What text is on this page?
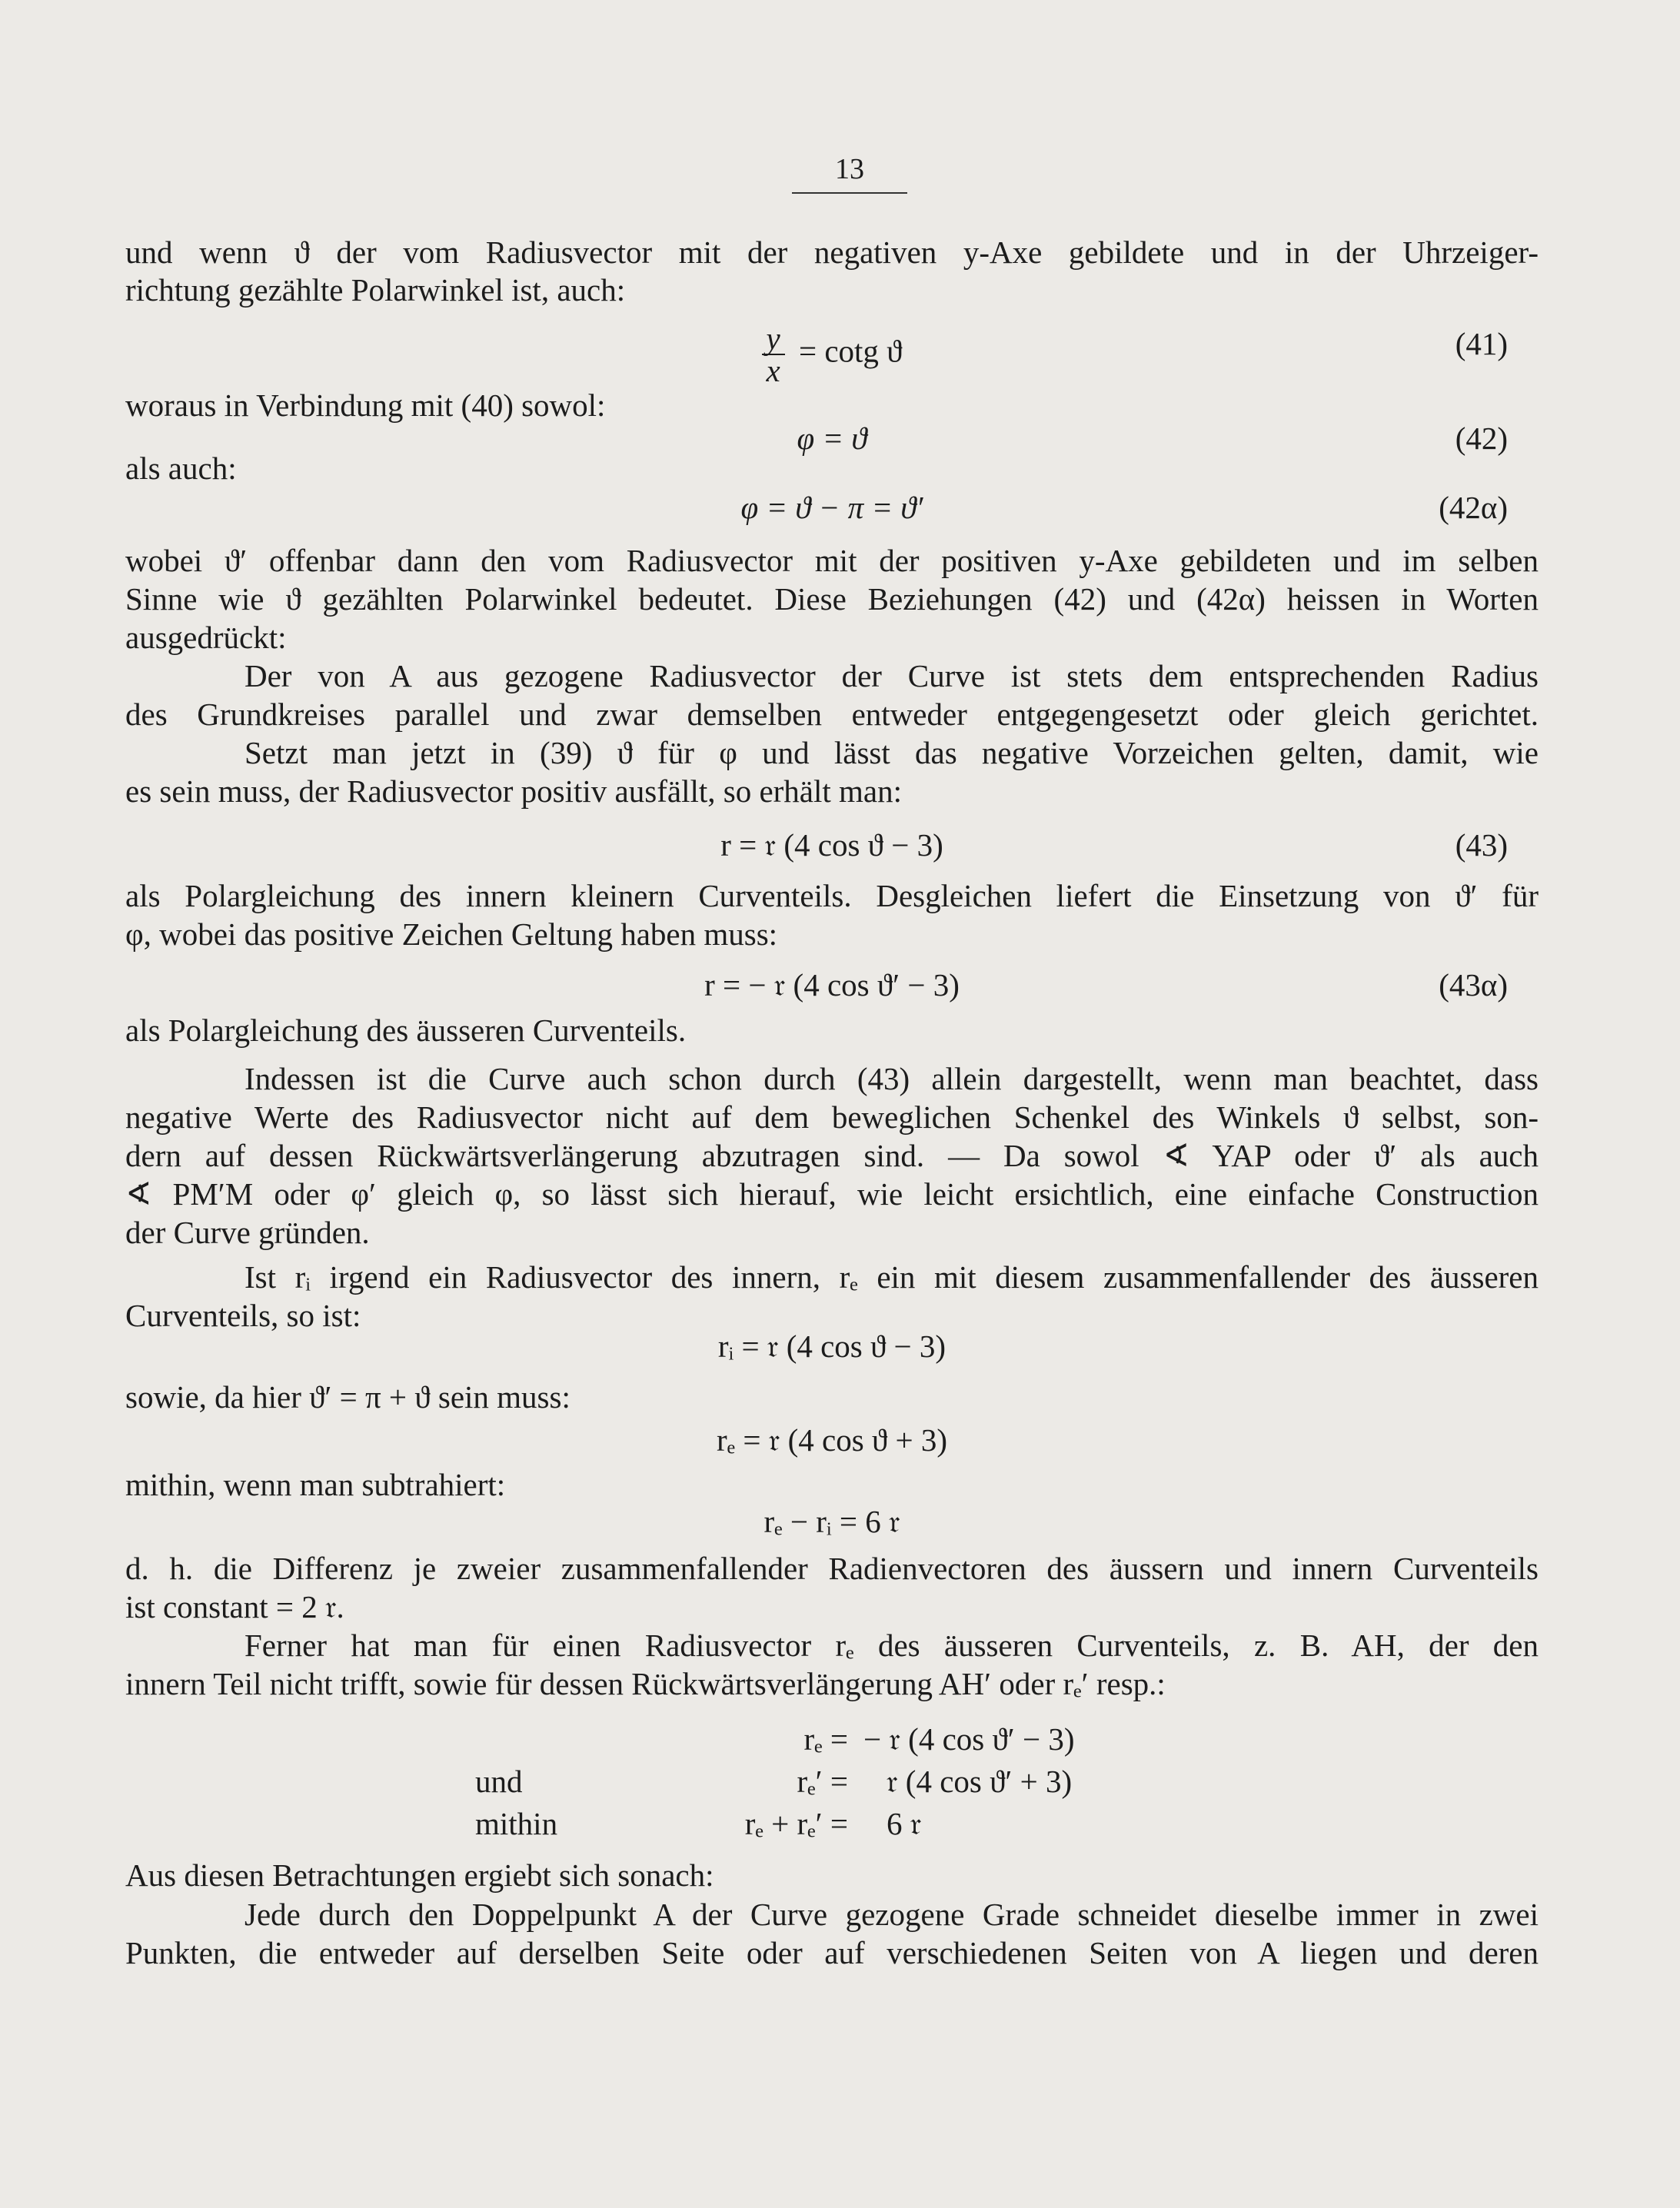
13
und wenn ϑ der vom Radiusvector mit der negativen y-Axe gebildete und in der Uhrzeiger-
richtung gezählte Polarwinkel ist, auch:
$\frac{y}{x} = \cot g$ ϑ	(41)
woraus in Verbindung mit (40) sowol:
φ = ϑ	(42)
als auch:
φ = ϑ − π = ϑ′	(42α)
wobei ϑ′ offenbar dann den vom Radiusvector mit der positiven y-Axe gebildeten und im selben
Sinne wie ϑ gezählten Polarwinkel bedeutet. Diese Beziehungen (42) und (42α) heissen in Worten
ausgedrückt:
Der von A aus gezogene Radiusvector der Curve ist stets dem entsprechenden Radius
des Grundkreises parallel und zwar demselben entweder entgegengesetzt oder gleich gerichtet.
Setzt man jetzt in (39) ϑ für φ und lässt das negative Vorzeichen gelten, damit, wie
es sein muss, der Radiusvector positiv ausfällt, so erhält man:
r = 𝔯 (4 cos ϑ − 3)	(43)
als Polargleichung des innern kleinern Curventeils. Desgleichen liefert die Einsetzung von ϑ′ für
φ, wobei das positive Zeichen Geltung haben muss:
r = − 𝔯 (4 cos ϑ′ − 3)	(43α)
als Polargleichung des äusseren Curventeils.
Indessen ist die Curve auch schon durch (43) allein dargestellt, wenn man beachtet, dass
negative Werte des Radiusvector nicht auf dem beweglichen Schenkel des Winkels ϑ selbst, son-
dern auf dessen Rückwärtsverlängerung abzutragen sind. — Da sowol ∢ YAP oder ϑ′ als auch
∢ PM′M oder φ′ gleich φ, so lässt sich hierauf, wie leicht ersichtlich, eine einfache Construction
der Curve gründen.
Ist rᵢ irgend ein Radiusvector des innern, rₑ ein mit diesem zusammenfallender des äusseren
Curventeils, so ist:
rᵢ = 𝔯 (4 cos ϑ − 3)
sowie, da hier ϑ′ = π + ϑ sein muss:
rₑ = 𝔯 (4 cos ϑ + 3)
mithin, wenn man subtrahiert:
rₑ − rᵢ = 6 𝔯
d. h. die Differenz je zweier zusammenfallender Radienvectoren des äussern und innern Curventeils
ist constant = 2 𝔯.
Ferner hat man für einen Radiusvector rₑ des äusseren Curventeils, z. B. AH, der den
innern Teil nicht trifft, sowie für dessen Rückwärtsverlängerung AH′ oder rₑ′ resp.:
rₑ = − 𝔯 (4 cos ϑ′ − 3)
und	rₑ′ = 𝔯 (4 cos ϑ′ + 3)
mithin	rₑ + rₑ′ = 6 𝔯
Aus diesen Betrachtungen ergiebt sich sonach:
Jede durch den Doppelpunkt A der Curve gezogene Grade schneidet dieselbe immer in zwei
Punkten, die entweder auf derselben Seite oder auf verschiedenen Seiten von A liegen und deren
